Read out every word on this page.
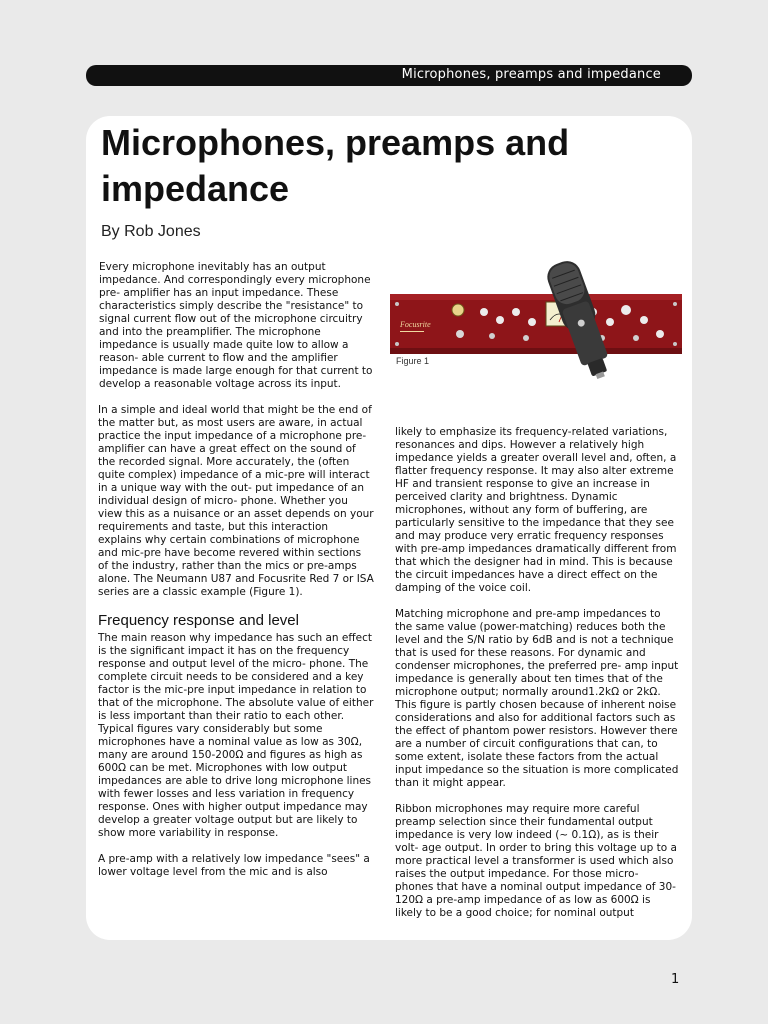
Microphones, preamps and impedance
Microphones, preamps and impedance
By Rob Jones

Every microphone inevitably has an output impedance. And correspondingly every microphone pre- amplifier has an input impedance. These characteristics simply describe the "resistance" to signal current flow out of the microphone circuitry and into the preamplifier. The microphone impedance is usually made quite low to allow a reason- able current to flow and the amplifier impedance is made large enough for that current to develop a reasonable voltage across its input.

In a simple and ideal world that might be the end of the matter but, as most users are aware, in actual practice the input impedance of a microphone pre-amplifier can have a great effect on the sound of the recorded signal. More accurately, the (often quite complex) impedance of a mic-pre will interact in a unique way with the out- put impedance of an individual design of micro- phone. Whether you view this as a nuisance or an asset depends on your requirements and taste, but this interaction explains why certain combinations of microphone and mic-pre have become revered within sections of the industry, rather than the mics or pre-amps alone. The Neumann U87 and Focusrite Red 7 or ISA series are a classic example (Figure 1).

Frequency response and level

The main reason why impedance has such an effect is the significant impact it has on the frequency response and output level of the micro- phone. The complete circuit needs to be considered and a key factor is the mic-pre input impedance in relation to that of the microphone. The absolute value of either is less important than their ratio to each other. Typical figures vary considerably but some microphones have a nominal value as low as 30Ω, many are around 150-200Ω and figures as high as 600Ω can be met. Microphones with low output impedances are able to drive long microphone lines with fewer losses and less variation in frequency response. Ones with higher output impedance may develop a greater voltage output but are likely to show more variability in response.

A pre-amp with a relatively low impedance "sees" a lower voltage level from the mic and is also

Focusrite
Figure 1

likely to emphasize its frequency-related variations, resonances and dips. However a relatively high impedance yields a greater overall level and, often, a flatter frequency response. It may also alter extreme HF and transient response to give an increase in perceived clarity and brightness. Dynamic microphones, without any form of buffering, are particularly sensitive to the impedance that they see and may produce very erratic frequency responses with pre-amp impedances dramatically different from that which the designer had in mind. This is because the circuit impedances have a direct effect on the damping of the voice coil.

Matching microphone and pre-amp impedances to the same value (power-matching) reduces both the level and the S/N ratio by 6dB and is not a technique that is used for these reasons. For dynamic and condenser microphones, the preferred pre- amp input impedance is generally about ten times that of the microphone output; normally around1.2kΩ or 2kΩ. This figure is partly chosen because of inherent noise considerations and also for additional factors such as the effect of phantom power resistors. However there are a number of circuit configurations that can, to some extent, isolate these factors from the actual input impedance so the situation is more complicated than it might appear.

Ribbon microphones may require more careful preamp selection since their fundamental output impedance is very low indeed (~ 0.1Ω), as is their volt- age output. In order to bring this voltage up to a more practical level a transformer is used which also raises the output impedance. For those micro- phones that have a nominal output impedance of 30-120Ω a pre-amp impedance of as low as 600Ω is likely to be a good choice; for nominal output

1
